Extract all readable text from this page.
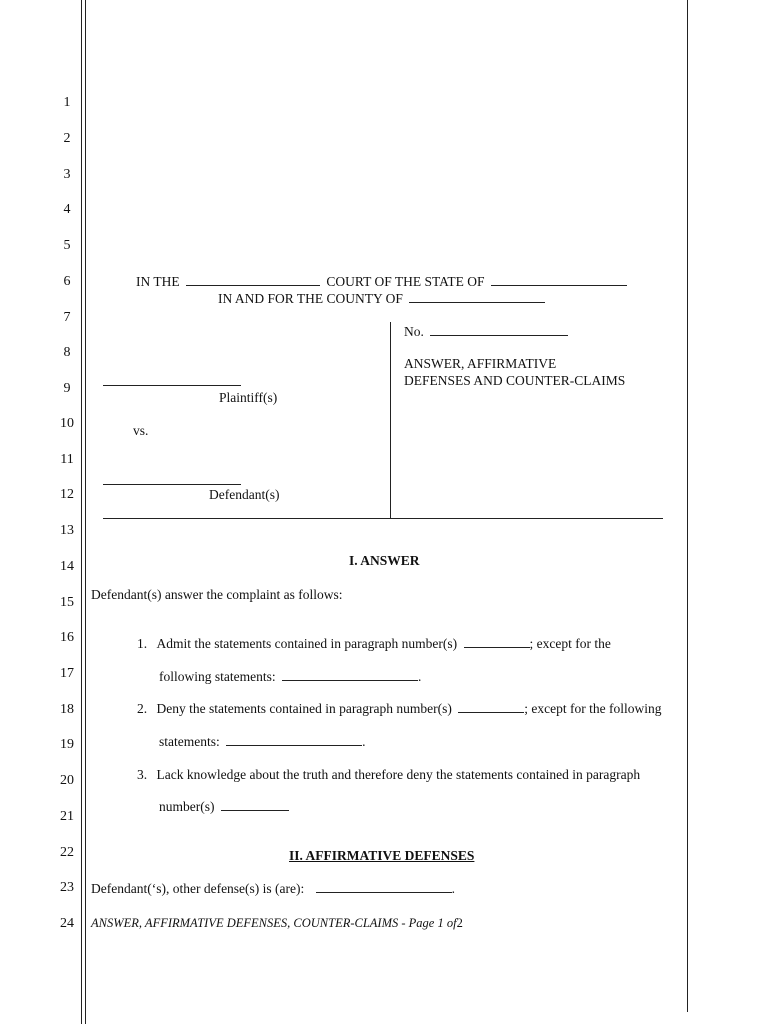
1
2
3
4
5
6
7
8
9
10
11
12
13
14
15
16
17
18
19
20
21
22
23
24
IN THE	COURT OF THE STATE OF
IN AND FOR THE COUNTY OF
No.
ANSWER, AFFIRMATIVE
DEFENSES AND COUNTER-CLAIMS
Plaintiff(s)
vs.
Defendant(s)
I. ANSWER
Defendant(s) answer the complaint as follows:
1. Admit the statements contained in paragraph number(s)	; except for the
following statements:	.
2. Deny the statements contained in paragraph number(s)	; except for the following
statements:	.
3. Lack knowledge about the truth and therefore deny the statements contained in paragraph
number(s)
II. AFFIRMATIVE DEFENSES
Defendant(‘s), other defense(s) is (are):	.
ANSWER, AFFIRMATIVE DEFENSES, COUNTER-CLAIMS - Page 1 of2
